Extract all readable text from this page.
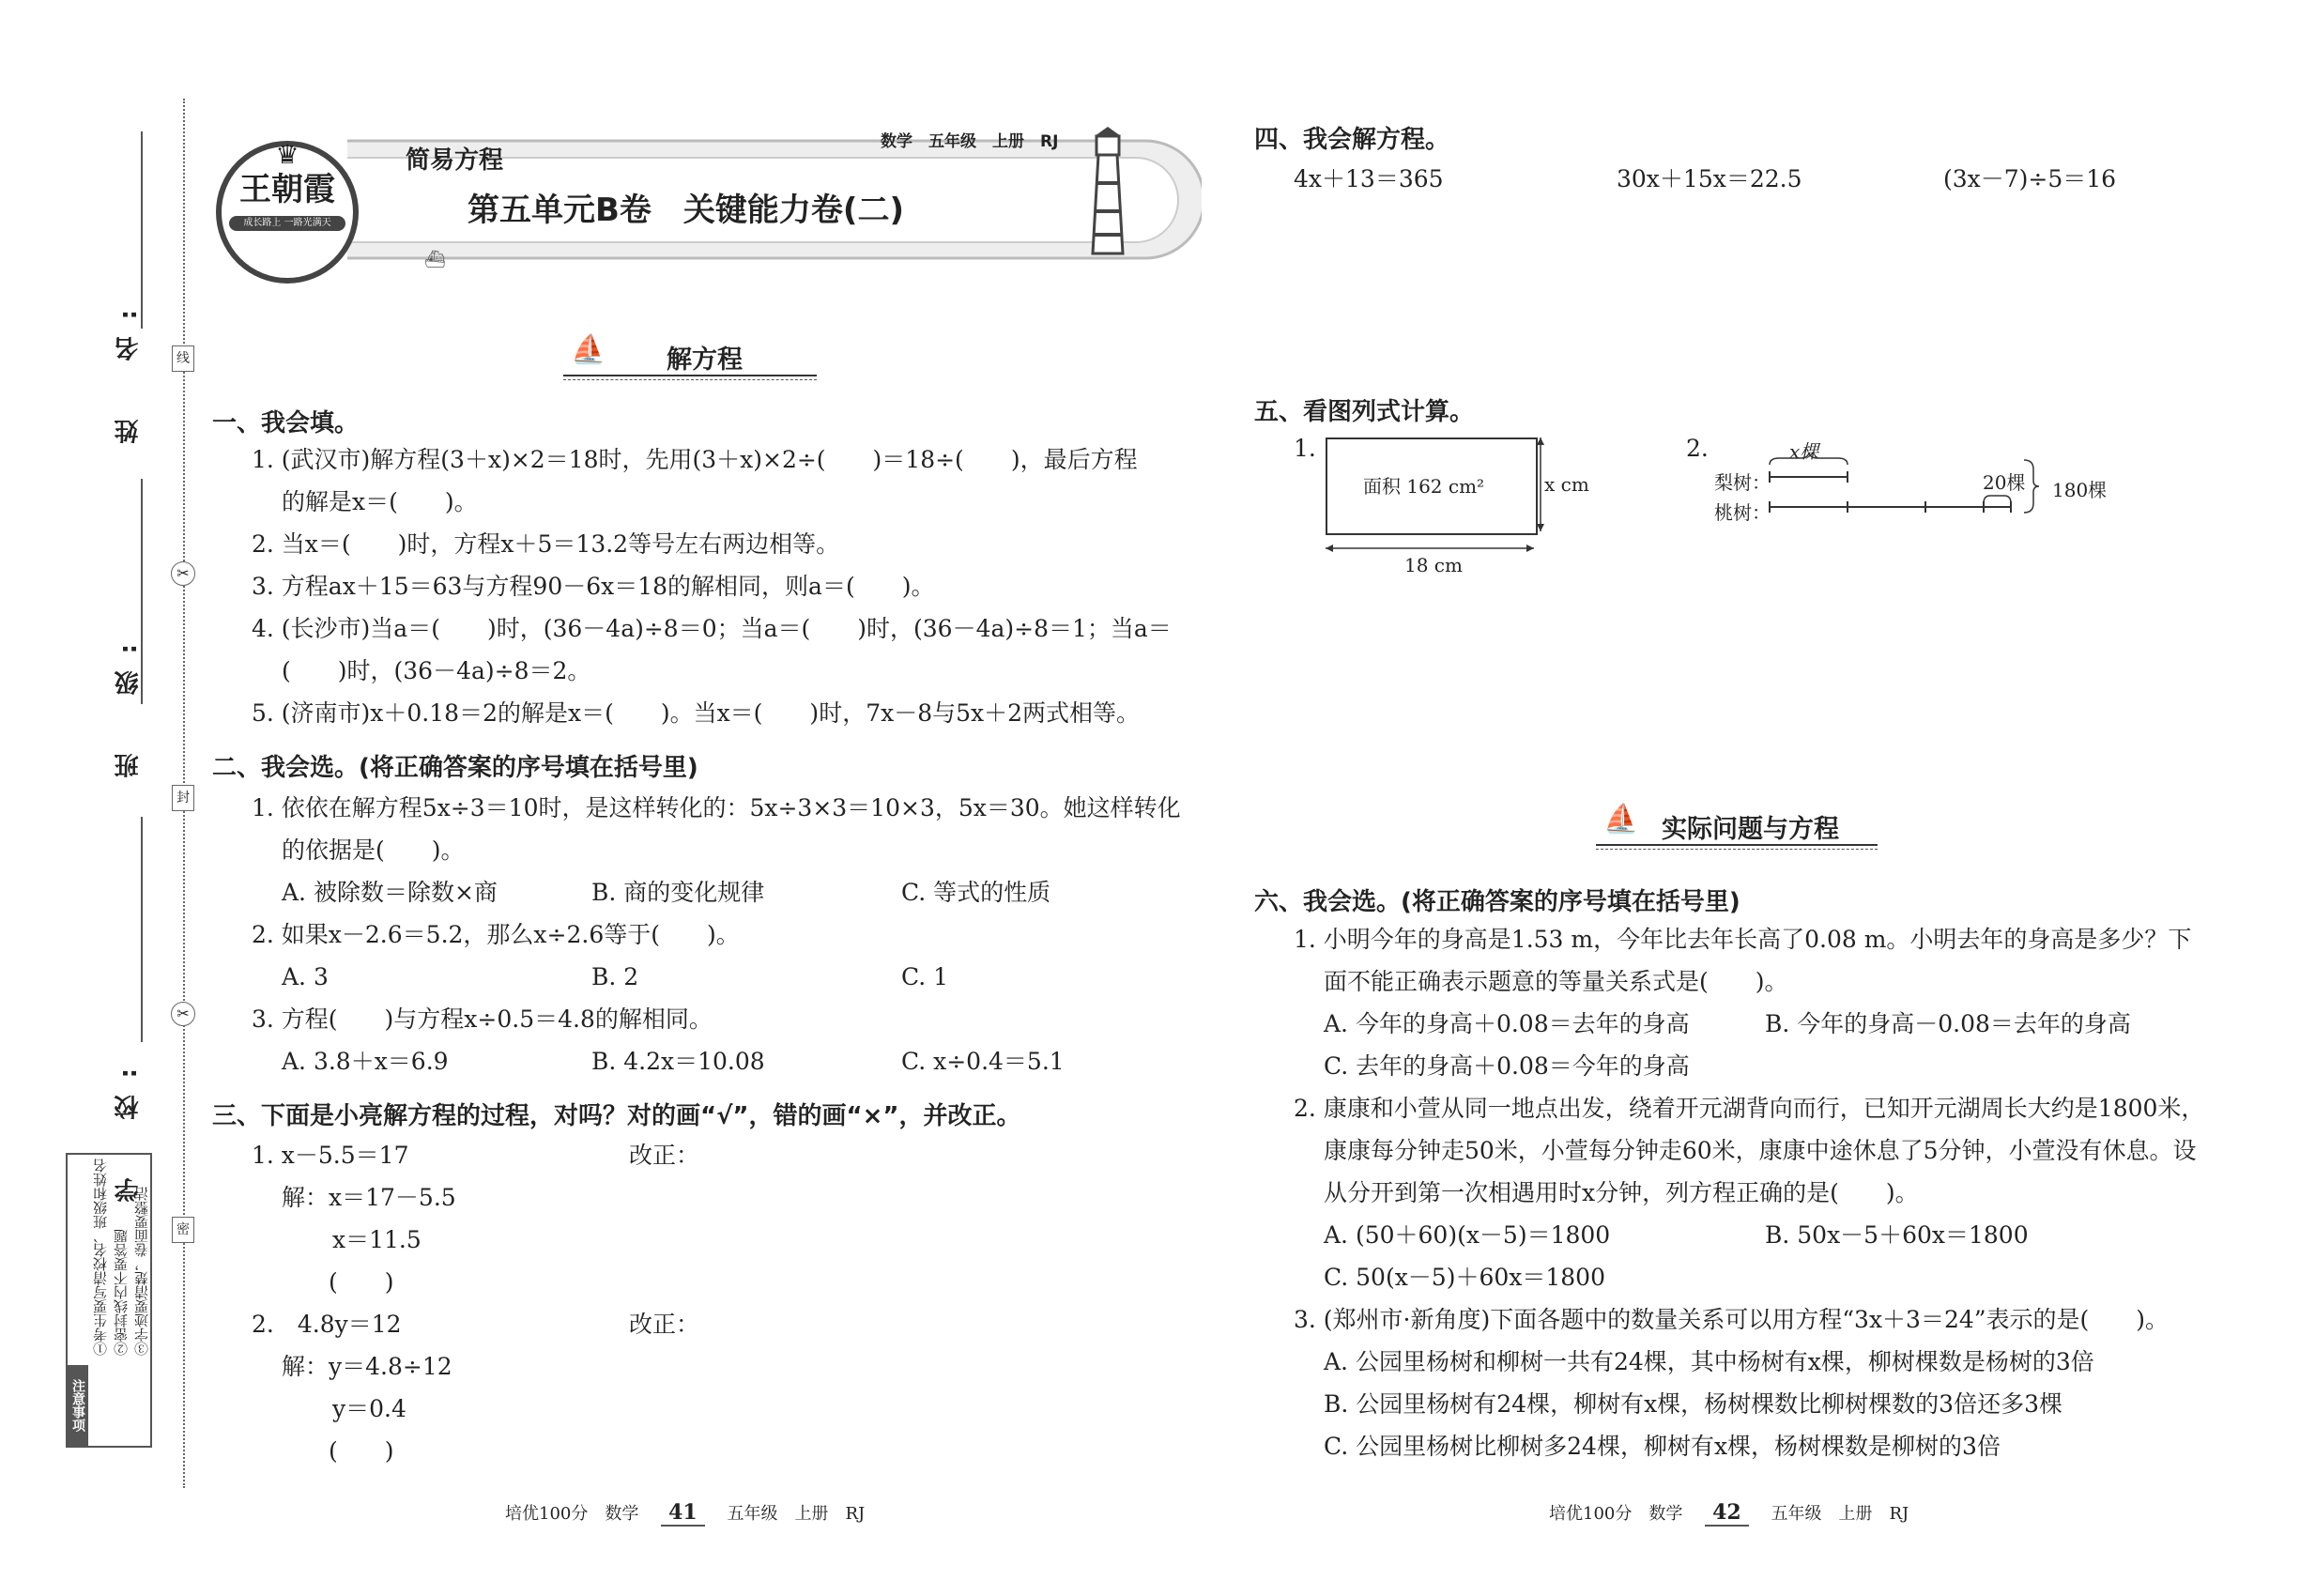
姓　名:
班　级:
学　校:
线
✂
封
✂
密
注意事项
①考生要写清校名、班级和姓名 ②密封线内不要答题 ③字迹要清楚，卷面要整洁
♛
王朝霞
成长路上 一路光满天
简易方程
数学　五年级　上册　RJ
第五单元B卷　关键能力卷(二)
⛴
⛵ 解方程
一、我会填。
1. (武汉市)解方程(3＋x)×2＝18时，先用(3＋x)×2÷(　　)＝18÷(　　)，最后方程
的解是x＝(　　)。
2. 当x＝(　　)时，方程x＋5＝13.2等号左右两边相等。
3. 方程ax＋15＝63与方程90－6x＝18的解相同，则a＝(　　)。
4. (长沙市)当a＝(　　)时，(36－4a)÷8＝0；当a＝(　　)时，(36－4a)÷8＝1；当a＝
(　　)时，(36－4a)÷8＝2。
5. (济南市)x＋0.18＝2的解是x＝(　　)。当x＝(　　)时，7x－8与5x＋2两式相等。
二、我会选。(将正确答案的序号填在括号里)
1. 依依在解方程5x÷3＝10时，是这样转化的：5x÷3×3＝10×3，5x＝30。她这样转化
的依据是(　　)。
A. 被除数＝除数×商	B. 商的变化规律	C. 等式的性质
2. 如果x－2.6＝5.2，那么x÷2.6等于(　　)。
A. 3	B. 2	C. 1
3. 方程(　　)与方程x÷0.5＝4.8的解相同。
A. 3.8＋x＝6.9	B. 4.2x＝10.08	C. x÷0.4＝5.1
三、下面是小亮解方程的过程，对吗？对的画“√”，错的画“×”，并改正。
1. x－5.5＝17	改正：
解：x＝17－5.5
x＝11.5
(　　)
2.　4.8y＝12	改正：
解：y＝4.8÷12
y＝0.4
(　　)
培优100分　数学 41 五年级　上册　RJ
四、我会解方程。
4x＋13＝365	30x＋15x＝22.5	(3x－7)÷5＝16
五、看图列式计算。
1.
面积 162 cm²	x cm
18 cm
2.	x棵
梨树：
桃树：
20棵 180棵
⛵ 实际问题与方程
六、我会选。(将正确答案的序号填在括号里)
1. 小明今年的身高是1.53 m，今年比去年长高了0.08 m。小明去年的身高是多少？下
面不能正确表示题意的等量关系式是(　　)。
A. 今年的身高＋0.08＝去年的身高	B. 今年的身高－0.08＝去年的身高
C. 去年的身高＋0.08＝今年的身高
2. 康康和小萱从同一地点出发，绕着开元湖背向而行，已知开元湖周长大约是1800米，
康康每分钟走50米，小萱每分钟走60米，康康中途休息了5分钟，小萱没有休息。设
从分开到第一次相遇用时x分钟，列方程正确的是(　　)。
A. (50＋60)(x－5)＝1800	B. 50x－5＋60x＝1800
C. 50(x－5)＋60x＝1800
3. (郑州市·新角度)下面各题中的数量关系可以用方程“3x＋3＝24”表示的是(　　)。
A. 公园里杨树和柳树一共有24棵，其中杨树有x棵，柳树棵数是杨树的3倍
B. 公园里杨树有24棵，柳树有x棵，杨树棵数比柳树棵数的3倍还多3棵
C. 公园里杨树比柳树多24棵，柳树有x棵，杨树棵数是柳树的3倍
培优100分　数学 42 五年级　上册　RJ
